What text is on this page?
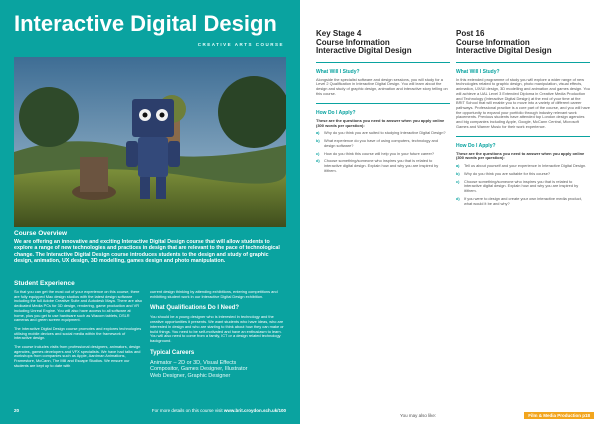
Interactive Digital Design
CREATIVE ARTS COURSE
Course Overview
We are offering an innovative and exciting Interactive Digital Design course that will allow students to explore a range of new technologies and practices in design that are relevant to the pace of technological change. The Interactive Digital Design course introduces students to the design and study of graphic design, animation, UX design, 3D modelling, games design and photo manipulation.
Student Experience

So that you can get the most out of your experience on this course, there are fully equipped Mac design studios with the latest design software including the full Adobe Creative Suite and Autodesk Maya. There are also dedicated Media PCs for 3D design, rendering, game production and VR including Unreal Engine. You will also have access to all software at home, plus you get to use hardware such as Wacom tablets, DSLR cameras and green screen equipment.

The Interactive Digital Design course promotes and explores technologies utilising mobile devices and social media within the framework of interactive design.

The course includes visits from professional designers, animators, design agencies, games developers and VFX specialists. We have had talks and workshops from companies such as Apple, Aardman Animations, Framestore, McCann, The Mill and Escape Studios. We ensure our students are kept up to date with

current design thinking by attending exhibitions, entering competitions and exhibiting student work in our Interactive Digital Design exhibition.

What Qualifications Do I Need?

You should be a young designer who is interested in technology and the creative opportunities it presents. We want students who have ideas, who are interested in design and who are starting to think about how they can make or build things. You need to be self-motivated and have an enthusiasm to learn. You will also need to come from a family, ICT or a design related technology background.

Typical Careers
Animator – 2D or 3D, Visual Effects
Compositor, Games Designer, Illustrator
Web Designer, Graphic Designer
20	For more details on this course visit www.brit.croydon.sch.uk/100
Key Stage 4
Course Information
Interactive Digital Design
What Will I Study?
Alongside the specialist software and design sessions, you will study for a Level 2 Qualification in Interactive Digital Design. You will learn about the design and study of graphic design, animation and interactive story telling on this course.
How Do I Apply?
These are the questions you need to answer when you apply online (300 words per question):
a)	Why do you think you are suited to studying Interactive Digital Design?
b)	What experience do you have of using computers, technology and design software?
c)	How do you think this course will help you in your future career?
d)	Choose something/someone who inspires you that is related to interactive digital design. Explain how and why you are inspired by it/them.
Post 16
Course Information
Interactive Digital Design
What Will I Study?
In this extended programme of study you will explore a wider range of new technologies related to graphic design, photo manipulation, visual effects, animation, UX/UI design, 3D modelling and animation and games design. You will achieve a UAL Level 3 Extended Diploma in Creative Media Production and Technology (Interactive Digital Design) at the end of your time at the BRIT School that will enable you to move into a variety of different career pathways. Professional practice is a core part of the course, and you will have the opportunity to expand your portfolio through industry relevant work placements. Previous students have attended top London design agencies and big companies including Apple, Google, McCann Central, Microsoft Games and Warner Music for their work experience.
How Do I Apply?
These are the questions you need to answer when you apply online (300 words per question):
a)	Tell us about yourself and your experience in Interactive Digital Design.
b)	Why do you think you are suitable for this course?
c)	Choose something/someone who inspires you that is related to interactive digital design. Explain how and why you are inspired by it/them.
d)	If you were to design and create your own interactive media product, what would it be and why?
You may also like:	Film & Media Production p18
